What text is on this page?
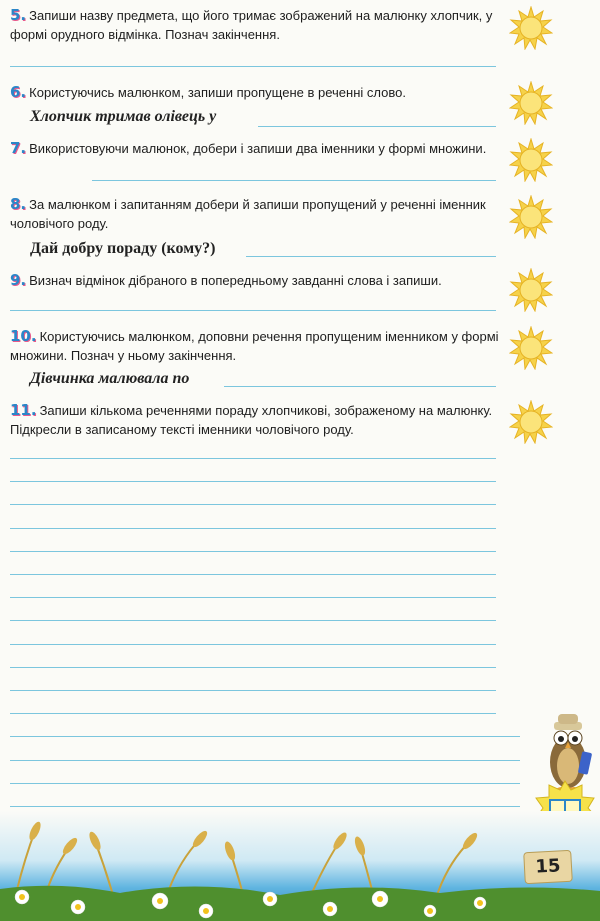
5. Запиши назву предмета, що його тримає зображений на малюнку хлопчик, у формі орудного відмінка. Познач закінчення.
6. Користуючись малюнком, запиши пропущене в реченні слово.
Хлопчик тримав олівець у
7. Використовуючи малюнок, добери і запиши два іменники у формі множини.
8. За малюнком і запитанням добери й запиши пропущений у реченні іменник чоловічого роду.
Дай добру пораду (кому?)
9. Визнач відмінок дібраного в попередньому завданні слова і запиши.
10. Користуючись малюнком, доповни речення пропущеним іменником у формі множини. Познач у ньому закінчення.
Дівчинка малювала по
11. Запиши кількома реченнями пораду хлопчикові, зображеному на малюнку. Підкресли в записаному тексті іменники чоловічого роду.
15
